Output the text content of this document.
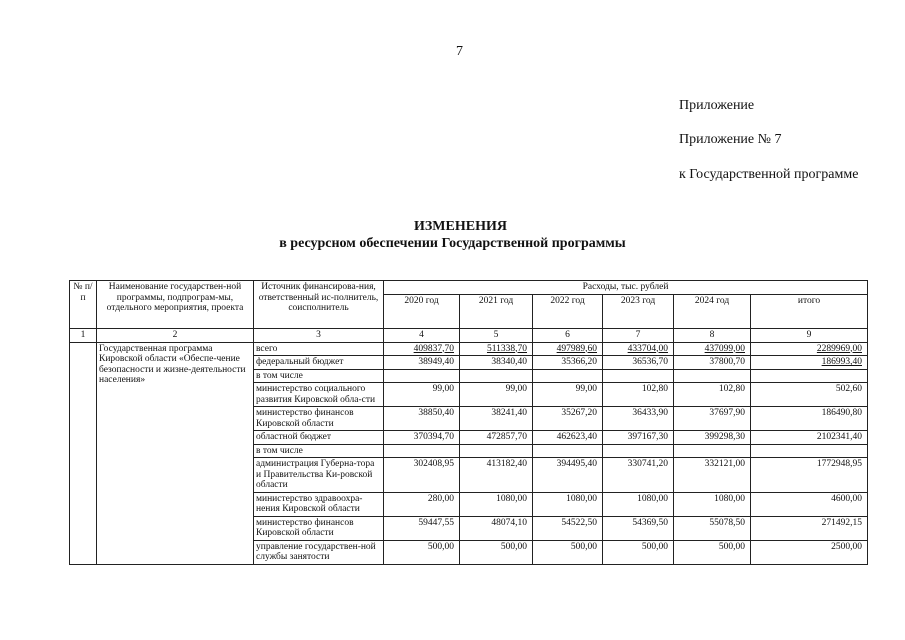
7
Приложение
Приложение № 7
к Государственной программе
ИЗМЕНЕНИЯ
в ресурсном обеспечении Государственной программы
№ п/п	Наименование государствен-ной программы, подпрограм-мы, отдельного мероприятия, проекта	Источник финансирова-ния, ответственный ис-полнитель, соисполнитель	Расходы, тыс. рублей					
			2020 год	2021 год	2022 год	2023 год	2024 год	итого
1	2	3	4	5	6	7	8	9
	Государственная программа Кировской области «Обеспе-чение безопасности и жизне-деятельности населения»	всего	409837,70	511338,70	497989,60	433704,00	437099,00	2289969,00
		федеральный бюджет	38949,40	38340,40	35366,20	36536,70	37800,70	186993,40
		в том числе						
		министерство социального развития Кировской обла-сти	99,00	99,00	99,00	102,80	102,80	502,60
		министерство финансов Кировской области	38850,40	38241,40	35267,20	36433,90	37697,90	186490,80
		областной бюджет	370394,70	472857,70	462623,40	397167,30	399298,30	2102341,40
		в том числе						
		администрация Губерна-тора и Правительства Ки-ровской области	302408,95	413182,40	394495,40	330741,20	332121,00	1772948,95
		министерство здравоохра-нения Кировской области	280,00	1080,00	1080,00	1080,00	1080,00	4600,00
		министерство финансов Кировской области	59447,55	48074,10	54522,50	54369,50	55078,50	271492,15
		управление государствен-ной службы занятости	500,00	500,00	500,00	500,00	500,00	2500,00
